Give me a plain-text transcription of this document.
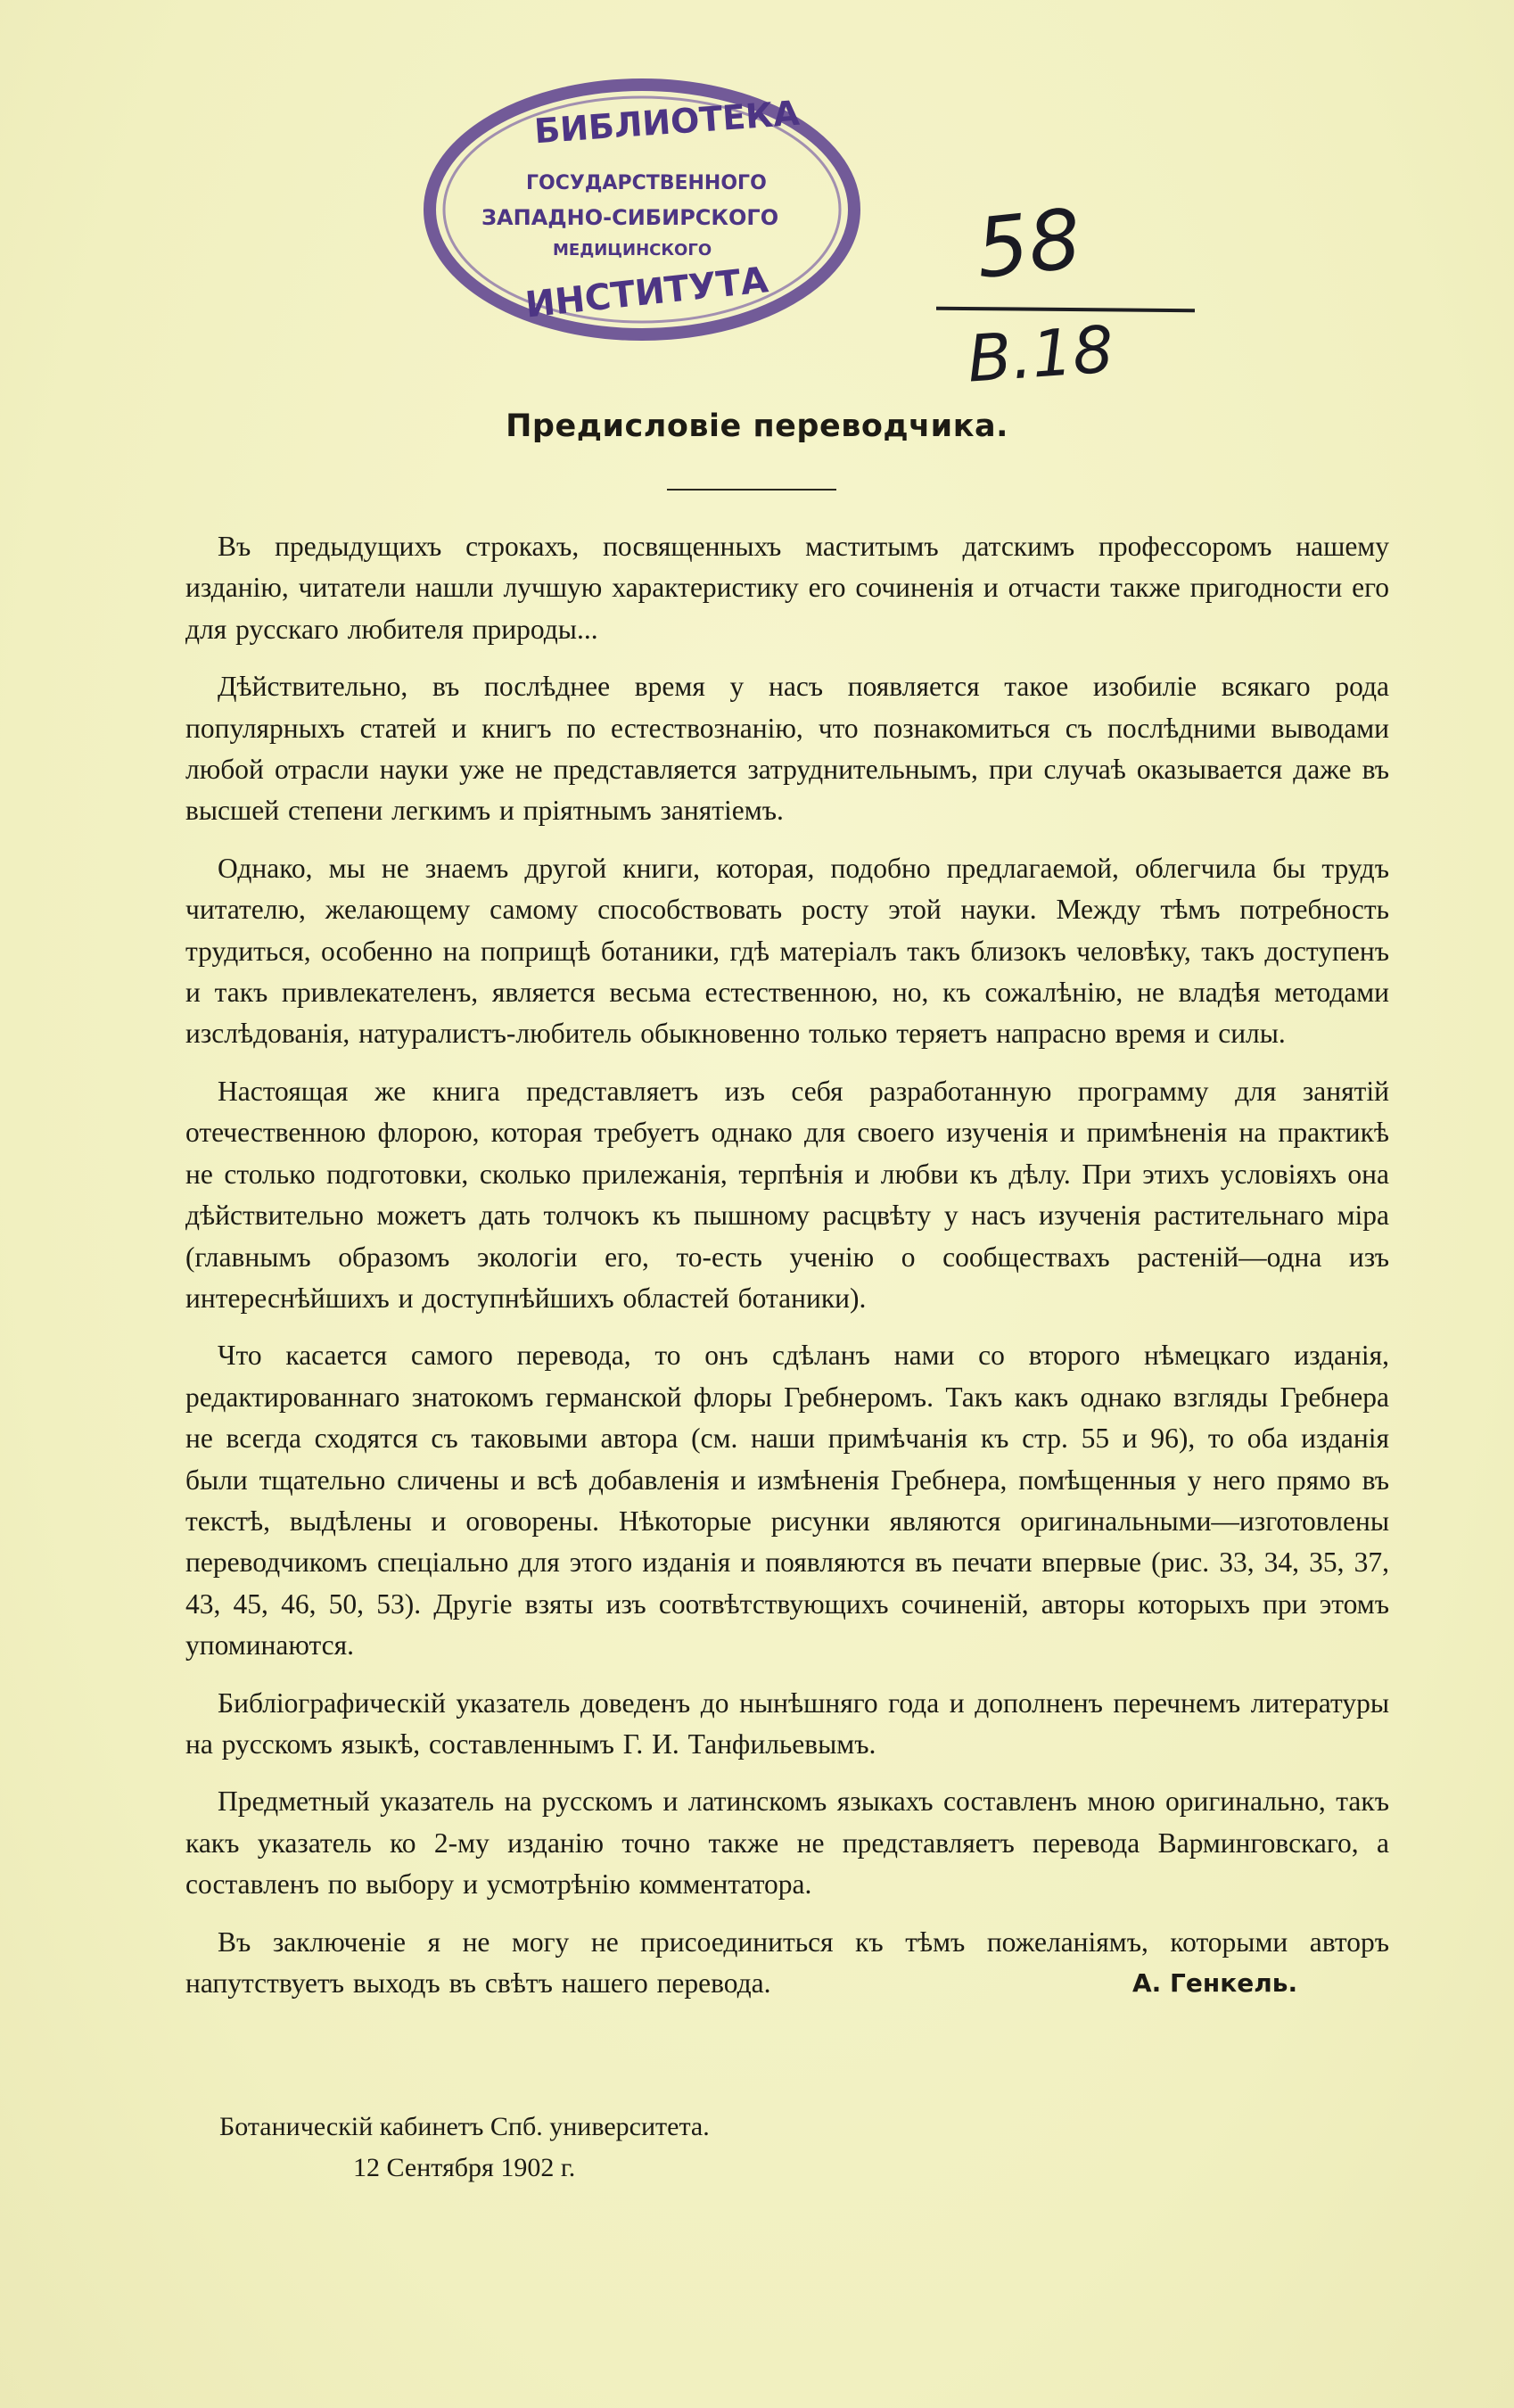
БИБЛИОТЕКА
ГОСУДАРСТВЕННОГО
ЗАПАДНО-СИБИРСКОГО
МЕДИЦИНСКОГО
ИНСТИТУТА 58
В.18
Предисловіе переводчика.

Въ предыдущихъ строкахъ, посвященныхъ маститымъ датскимъ профессоромъ нашему изданію, читатели нашли лучшую характеристику его сочиненія и отчасти также пригодности его для русскаго любителя природы...

Дѣйствительно, въ послѣднее время у насъ появляется такое изобиліе всякаго рода популярныхъ статей и книгъ по естествознанію, что познакомиться съ послѣдними выводами любой отрасли науки уже не представляется затруднительнымъ, при случаѣ оказывается даже въ высшей степени легкимъ и пріятнымъ занятіемъ.

Однако, мы не знаемъ другой книги, которая, подобно предлагаемой, облегчила бы трудъ читателю, желающему самому способствовать росту этой науки. Между тѣмъ потребность трудиться, особенно на поприщѣ ботаники, гдѣ матеріалъ такъ близокъ человѣку, такъ доступенъ и такъ привлекателенъ, является весьма естественною, но, къ сожалѣнію, не владѣя методами изслѣдованія, натуралистъ-любитель обыкновенно только теряетъ напрасно время и силы.

Настоящая же книга представляетъ изъ себя разработанную программу для занятій отечественною флорою, которая требуетъ однако для своего изученія и примѣненія на практикѣ не столько подготовки, сколько прилежанія, терпѣнія и любви къ дѣлу. При этихъ условіяхъ она дѣйствительно можетъ дать толчокъ къ пышному расцвѣту у насъ изученія растительнаго міра (главнымъ образомъ экологіи его, то-есть ученію о сообществахъ растеній—одна изъ интереснѣйшихъ и доступнѣйшихъ областей ботаники).

Что касается самого перевода, то онъ сдѣланъ нами со второго нѣмецкаго изданія, редактированнаго знатокомъ германской флоры Гребнеромъ. Такъ какъ однако взгляды Гребнера не всегда сходятся съ таковыми автора (см. наши примѣчанія къ стр. 55 и 96), то оба изданія были тщательно сличены и всѣ добавленія и измѣненія Гребнера, помѣщенныя у него прямо въ текстѣ, выдѣлены и оговорены. Нѣкоторые рисунки являются оригинальными—изготовлены переводчикомъ спеціально для этого изданія и появляются въ печати впервые (рис. 33, 34, 35, 37, 43, 45, 46, 50, 53). Другіе взяты изъ соотвѣтствующихъ сочиненій, авторы которыхъ при этомъ упоминаются.

Библіографическій указатель доведенъ до нынѣшняго года и дополненъ перечнемъ литературы на русскомъ языкѣ, составленнымъ Г. И. Танфильевымъ.

Предметный указатель на русскомъ и латинскомъ языкахъ составленъ мною оригинально, такъ какъ указатель ко 2-му изданію точно также не представляетъ перевода Варминговскаго, а составленъ по выбору и усмотрѣнію комментатора.

Въ заключеніе я не могу не присоединиться къ тѣмъ пожеланіямъ, которыми авторъ напутствуетъ выходъ въ свѣтъ нашего перевода.	А. Генкель.
Ботаническій кабинетъ Спб. университета.
12 Сентября 1902 г.
